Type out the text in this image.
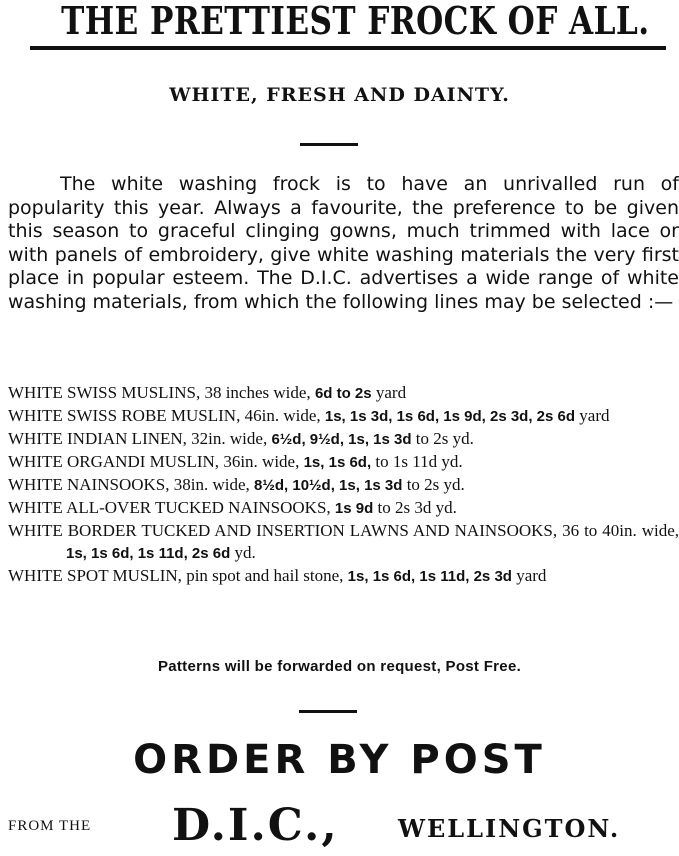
THE PRETTIEST FROCK OF ALL.
WHITE, FRESH AND DAINTY.

The white washing frock is to have an unrivalled run of popularity this year. Always a favourite, the preference to be given this season to graceful clinging gowns, much trimmed with lace or with panels of embroidery, give white washing materials the very first place in popular esteem. The D.I.C. advertises a wide range of white washing materials, from which the following lines may be selected :—

WHITE SWISS MUSLINS, 38 inches wide, 6d to 2s yard

WHITE SWISS ROBE MUSLIN, 46in. wide, 1s, 1s 3d, 1s 6d, 1s 9d, 2s 3d, 2s 6d yard

WHITE INDIAN LINEN, 32in. wide, 6½d, 9½d, 1s, 1s 3d to 2s yd.

WHITE ORGANDI MUSLIN, 36in. wide, 1s, 1s 6d, to 1s 11d yd.

WHITE NAINSOOKS, 38in. wide, 8½d, 10½d, 1s, 1s 3d to 2s yd.

WHITE ALL-OVER TUCKED NAINSOOKS, 1s 9d to 2s 3d yd.

WHITE BORDER TUCKED AND INSERTION LAWNS AND NAINSOOKS, 36 to 40in. wide, 1s, 1s 6d, 1s 11d, 2s 6d yd.

WHITE SPOT MUSLIN, pin spot and hail stone, 1s, 1s 6d, 1s 11d, 2s 3d yard

Patterns will be forwarded on request, Post Free.
ORDER BY POST
FROM THE D.I.C., WELLINGTON.
